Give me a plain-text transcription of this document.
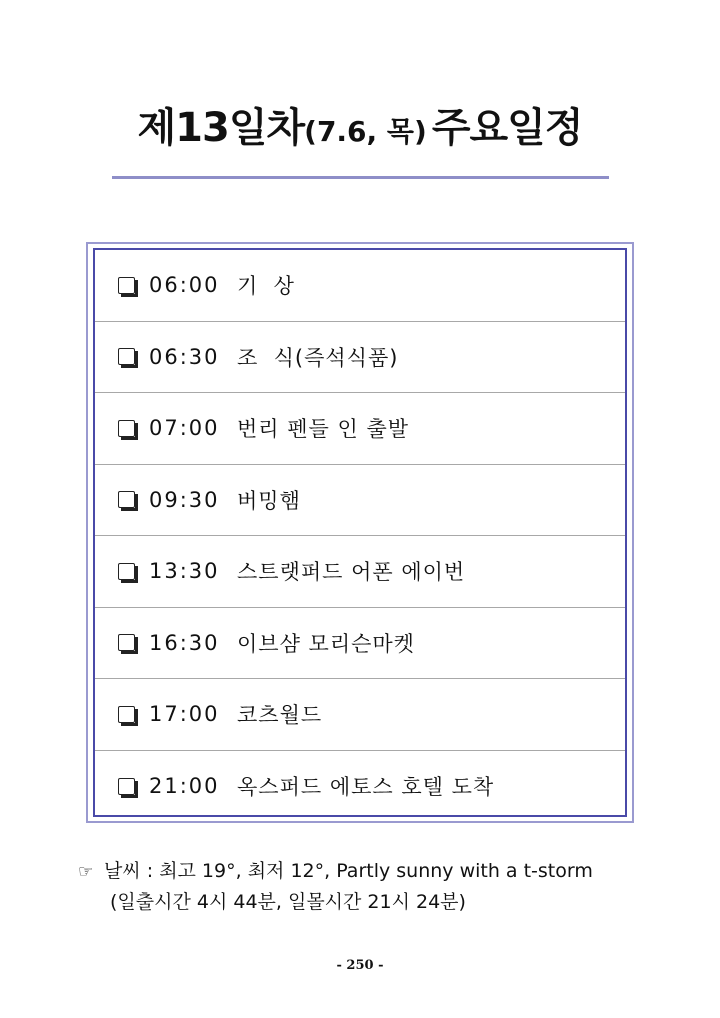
제13일차(7.6, 목) 주요일정
06:00 기  상
06:30 조  식(즉석식품)
07:00 번리 펜들 인 출발
09:30 버밍햄
13:30 스트랫퍼드 어폰 에이번
16:30 이브샴 모리슨마켓
17:00 코츠월드
21:00 옥스퍼드 에토스 호텔 도착
☞ 날씨 : 최고 19°, 최저 12°, Partly sunny with a t-storm
(일출시간 4시 44분, 일몰시간 21시 24분)
- 250 -
